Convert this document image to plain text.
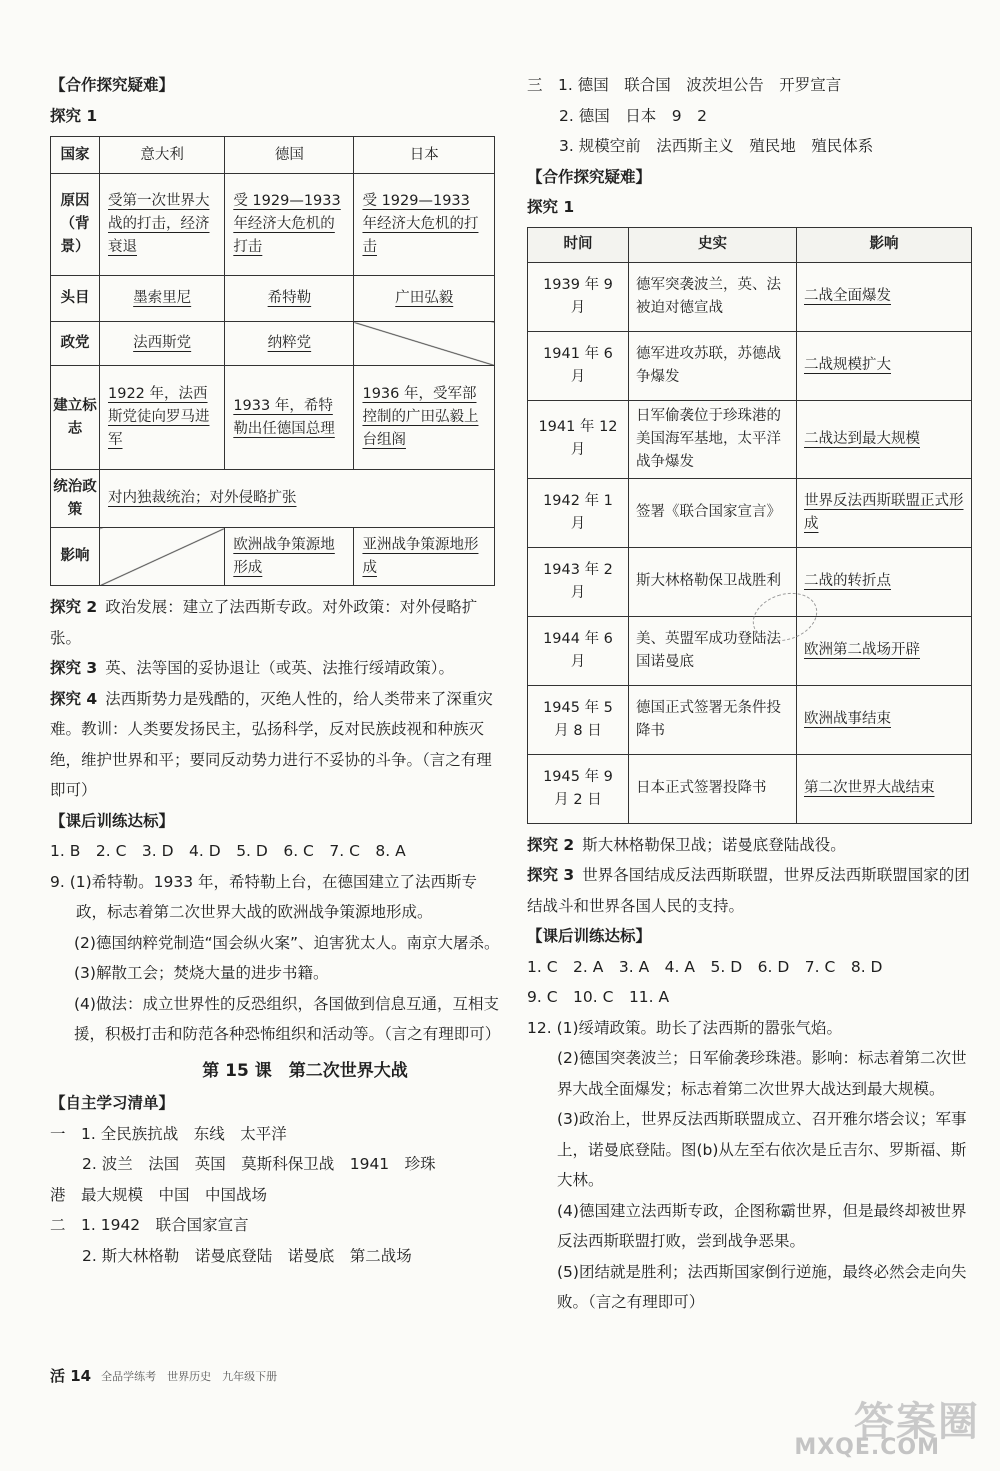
【合作探究疑难】
探究 1
国家	意大利	德国	日本
原因（背景）	受第一次世界大战的打击，经济衰退	受 1929—1933 年经济大危机的打击	受 1929—1933 年经济大危机的打击
头目	墨索里尼	希特勒	广田弘毅
政党	法西斯党	纳粹党	
建立标志	1922 年，法西斯党徒向罗马进军	1933 年，希特勒出任德国总理	1936 年，受军部控制的广田弘毅上台组阁
统治政策	对内独裁统治；对外侵略扩张		
影响		欧洲战争策源地形成	亚洲战争策源地形成
探究 2 政治发展：建立了法西斯专政。对外政策：对外侵略扩张。
探究 3 英、法等国的妥协退让（或英、法推行绥靖政策）。
探究 4 法西斯势力是残酷的，灭绝人性的，给人类带来了深重灾难。教训：人类要发扬民主，弘扬科学，反对民族歧视和种族灭绝，维护世界和平；要同反动势力进行不妥协的斗争。（言之有理即可）
【课后训练达标】
1. B　2. C　3. D　4. D　5. D　6. C　7. C　8. A
9. (1)希特勒。1933 年，希特勒上台，在德国建立了法西斯专政，标志着第二次世界大战的欧洲战争策源地形成。
(2)德国纳粹党制造“国会纵火案”、迫害犹太人。南京大屠杀。
(3)解散工会；焚烧大量的进步书籍。
(4)做法：成立世界性的反恐组织，各国做到信息互通，互相支援，积极打击和防范各种恐怖组织和活动等。（言之有理即可）
第 15 课　第二次世界大战
【自主学习清单】
一　1. 全民族抗战　东线　太平洋
2. 波兰　法国　英国　莫斯科保卫战　1941　珍珠
港　最大规模　中国　中国战场
二　1. 1942　联合国家宣言
2. 斯大林格勒　诺曼底登陆　诺曼底　第二战场
三　1. 德国　联合国　波茨坦公告　开罗宣言
2. 德国　日本　9　2
3. 规模空前　法西斯主义　殖民地　殖民体系
【合作探究疑难】
探究 1
时间	史实	影响
1939 年 9 月	德军突袭波兰，英、法被迫对德宣战	二战全面爆发
1941 年 6 月	德军进攻苏联，苏德战争爆发	二战规模扩大
1941 年 12 月	日军偷袭位于珍珠港的美国海军基地，太平洋战争爆发	二战达到最大规模
1942 年 1 月	签署《联合国家宣言》	世界反法西斯联盟正式形成
1943 年 2 月	斯大林格勒保卫战胜利	二战的转折点
1944 年 6 月	美、英盟军成功登陆法国诺曼底	欧洲第二战场开辟
1945 年 5 月 8 日	德国正式签署无条件投降书	欧洲战事结束
1945 年 9 月 2 日	日本正式签署投降书	第二次世界大战结束
探究 2 斯大林格勒保卫战；诺曼底登陆战役。
探究 3 世界各国结成反法西斯联盟，世界反法西斯联盟国家的团结战斗和世界各国人民的支持。
【课后训练达标】
1. C　2. A　3. A　4. A　5. D　6. D　7. C　8. D
9. C　10. C　11. A
12. (1)绥靖政策。助长了法西斯的嚣张气焰。
(2)德国突袭波兰；日军偷袭珍珠港。影响：标志着第二次世界大战全面爆发；标志着第二次世界大战达到最大规模。
(3)政治上，世界反法西斯联盟成立、召开雅尔塔会议；军事上，诺曼底登陆。图(b)从左至右依次是丘吉尔、罗斯福、斯大林。
(4)德国建立法西斯专政，企图称霸世界，但是最终却被世界反法西斯联盟打败，尝到战争恶果。
(5)团结就是胜利；法西斯国家倒行逆施，最终必然会走向失败。（言之有理即可）
活 14 全品学练考　世界历史　九年级下册
答案圈
MXQE.COM
